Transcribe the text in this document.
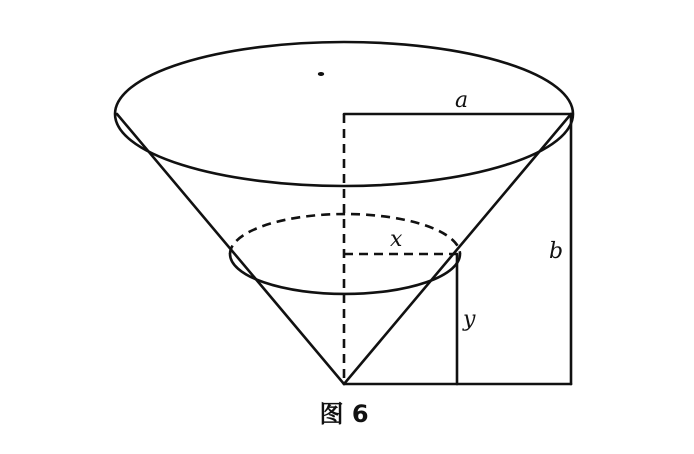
a
x	b
y
图 6
